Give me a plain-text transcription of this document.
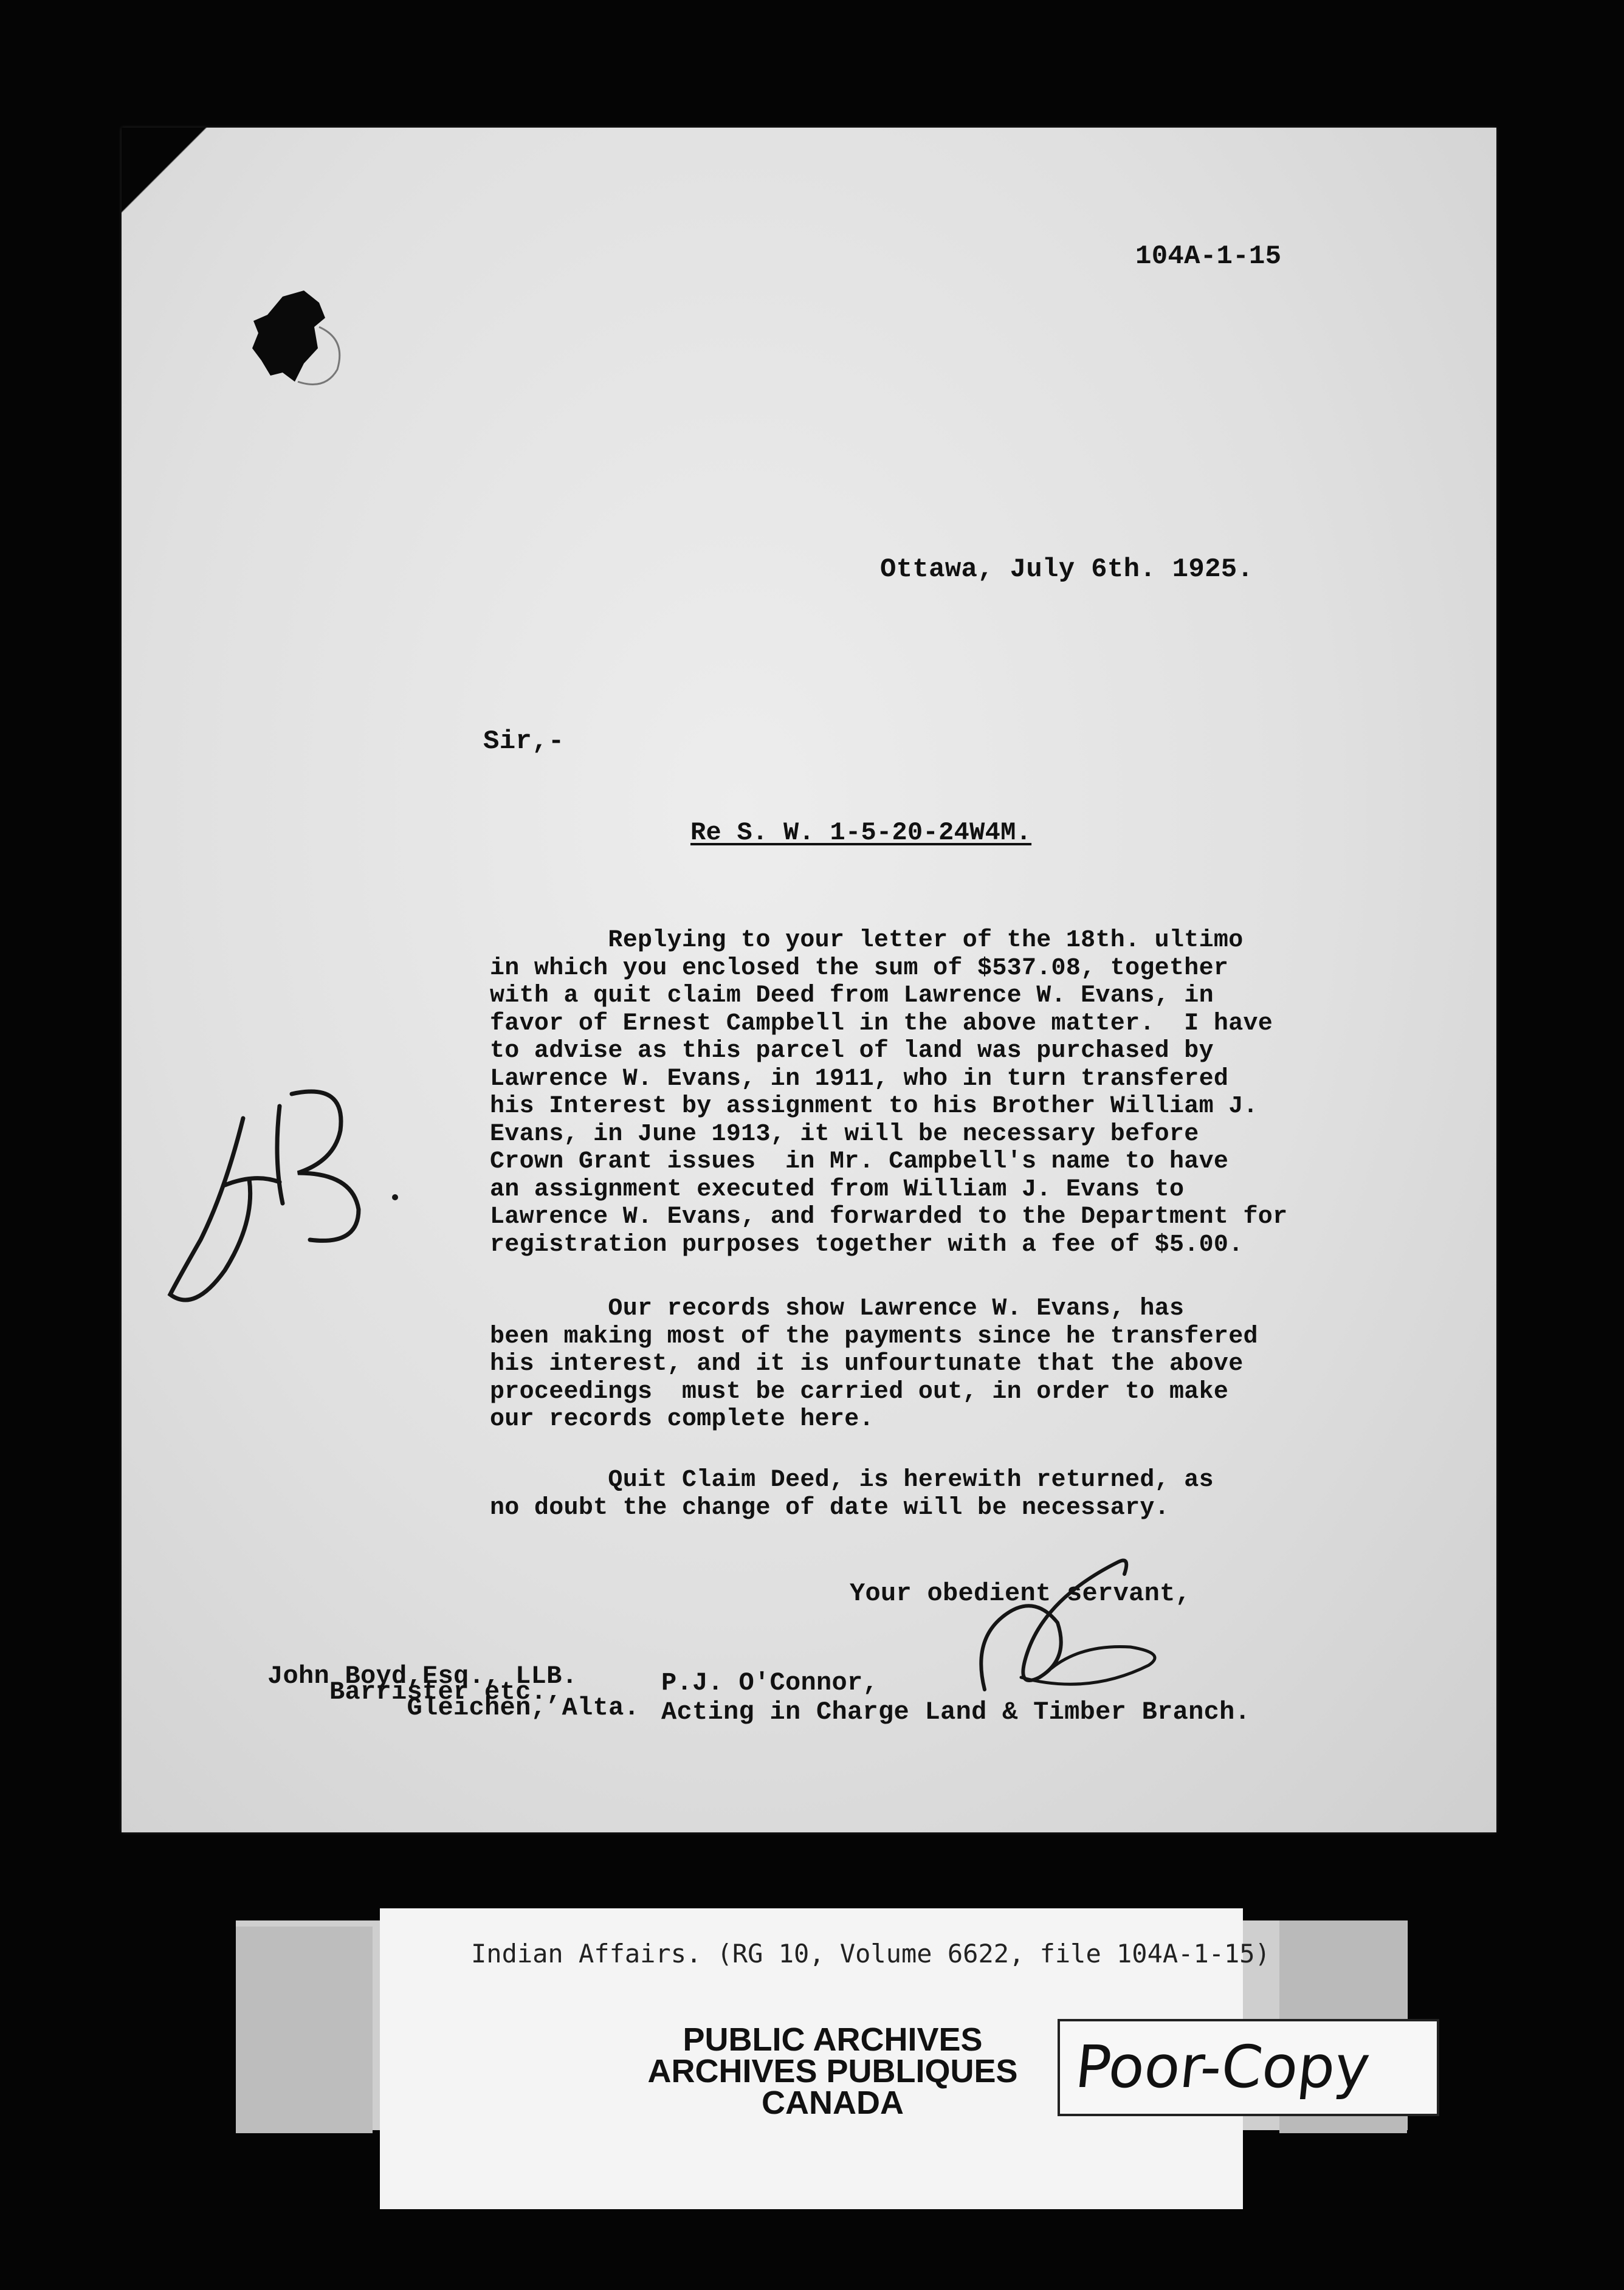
104A-1-15
Ottawa, July 6th. 1925.
Sir,-
Re S. W. 1-5-20-24W4M.
Replying to your letter of the 18th. ultimo
in which you enclosed the sum of $537.08, together
with a quit claim Deed from Lawrence W. Evans, in
favor of Ernest Campbell in the above matter.  I have
to advise as this parcel of land was purchased by
Lawrence W. Evans, in 1911, who in turn transfered
his Interest by assignment to his Brother William J.
Evans, in June 1913, it will be necessary before
Crown Grant issues  in Mr. Campbell's name to have
an assignment executed from William J. Evans to
Lawrence W. Evans, and forwarded to the Department for
registration purposes together with a fee of $5.00.
Our records show Lawrence W. Evans, has
been making most of the payments since he transfered
his interest, and it is unfourtunate that the above
proceedings  must be carried out, in order to make
our records complete here.
Quit Claim Deed, is herewith returned, as
no doubt the change of date will be necessary.
Your obedient servant,
John Boyd,Esq., LLB.
Barrister etc.,
Gleichen, Alta.
P.J. O'Connor,
Acting in Charge Land & Timber Branch.
Indian Affairs. (RG 10, Volume 6622, file 104A-1-15)
PUBLIC ARCHIVES
ARCHIVES PUBLIQUES
CANADA
Poor-Copy
